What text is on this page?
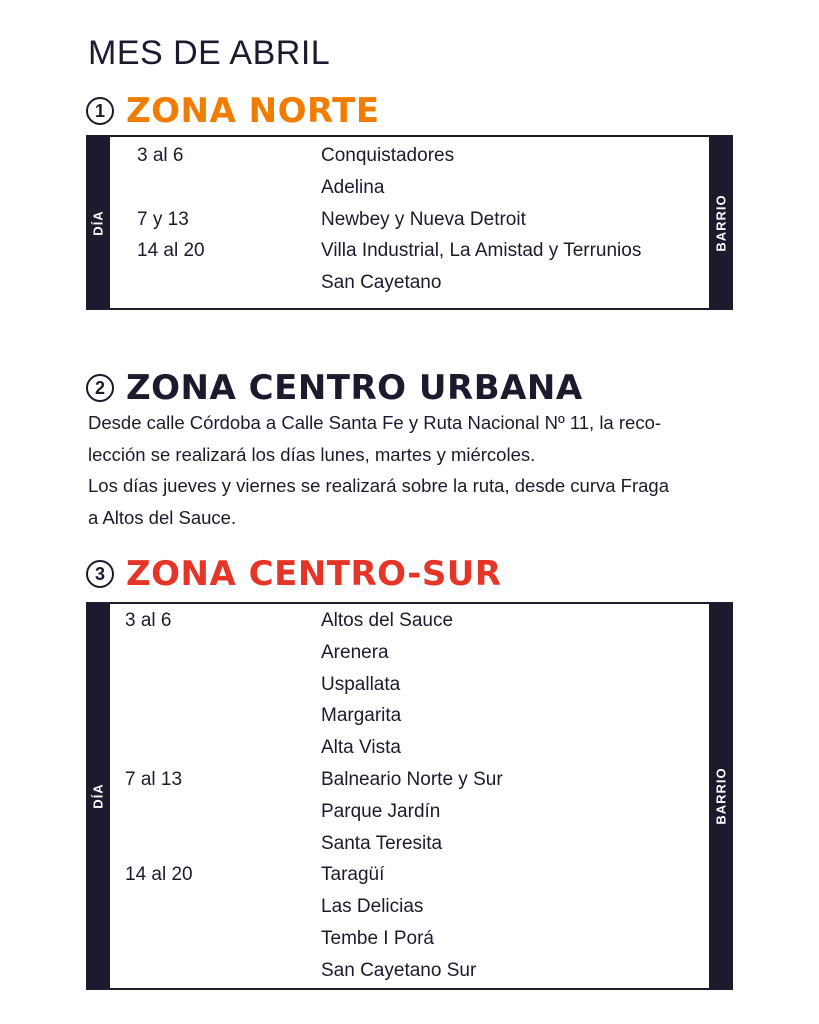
MES DE ABRIL
1 ZONA NORTE
DÍA	BARRIO
3 al 6	Conquistadores
Adelina
7 y 13	Newbey y Nueva Detroit
14 al 20	Villa Industrial, La Amistad y Terrunios
San Cayetano
2 ZONA CENTRO URBANA

Desde calle Córdoba a Calle Santa Fe y Ruta Nacional Nº 11, la reco-

lección se realizará los días lunes, martes y miércoles.

Los días jueves y viernes se realizará sobre la ruta, desde curva Fraga

a Altos del Sauce.

3 ZONA CENTRO-SUR
DÍA	BARRIO
3 al 6	Altos del Sauce
Arenera
Uspallata
Margarita
Alta Vista
7 al 13	Balneario Norte y Sur
Parque Jardín
Santa Teresita
14 al 20	Taragüí
Las Delicias
Tembe I Porá
San Cayetano Sur
